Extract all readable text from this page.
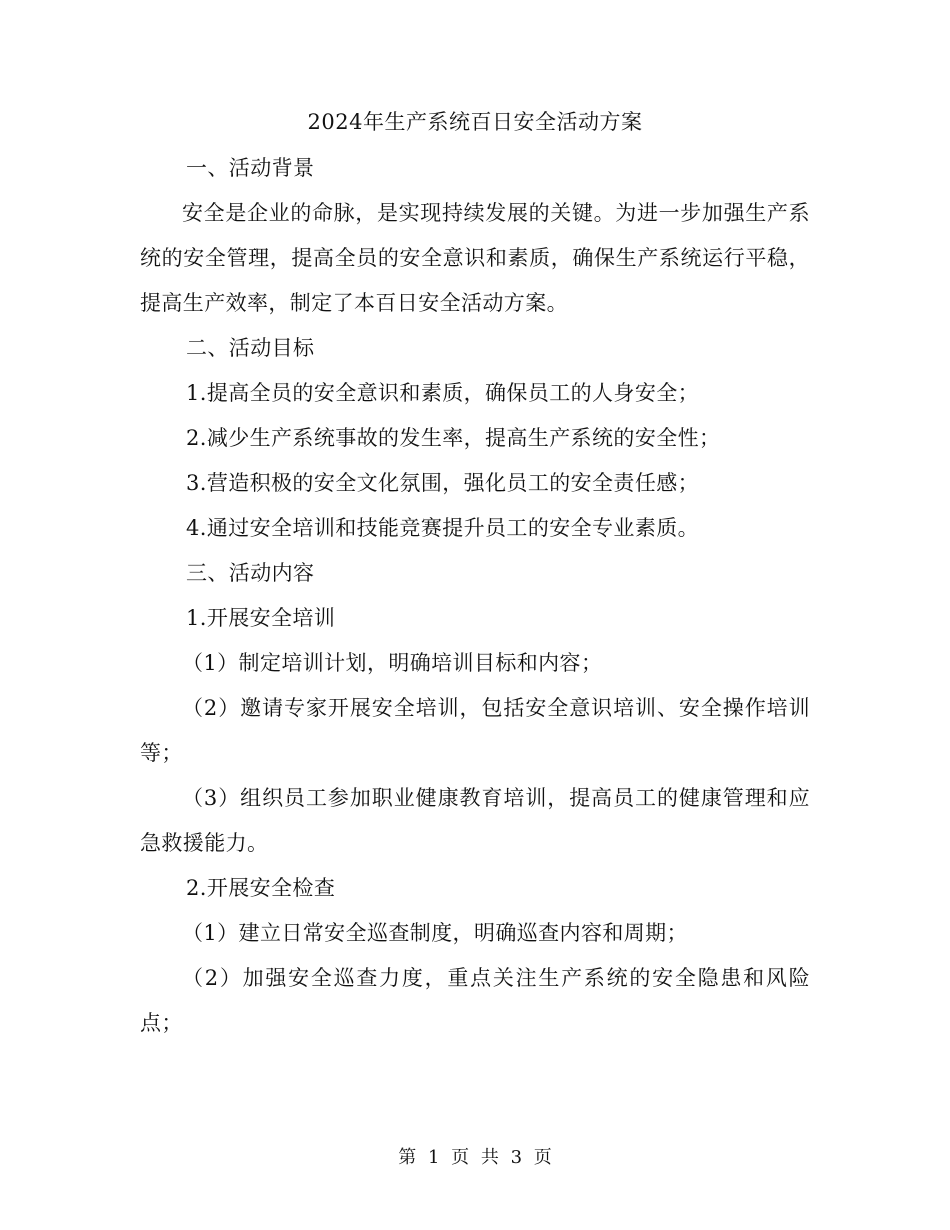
2024年生产系统百日安全活动方案

一、活动背景

安全是企业的命脉，是实现持续发展的关键。为进一步加强生产系统的安全管理，提高全员的安全意识和素质，确保生产系统运行平稳，提高生产效率，制定了本百日安全活动方案。

二、活动目标

1.提高全员的安全意识和素质，确保员工的人身安全；

2.减少生产系统事故的发生率，提高生产系统的安全性；

3.营造积极的安全文化氛围，强化员工的安全责任感；

4.通过安全培训和技能竞赛提升员工的安全专业素质。

三、活动内容

1.开展安全培训

（1）制定培训计划，明确培训目标和内容；

（2）邀请专家开展安全培训，包括安全意识培训、安全操作培训等；

（3）组织员工参加职业健康教育培训，提高员工的健康管理和应急救援能力。

2.开展安全检查

（1）建立日常安全巡查制度，明确巡查内容和周期；

（2）加强安全巡查力度，重点关注生产系统的安全隐患和风险点；

第 1 页 共 3 页
